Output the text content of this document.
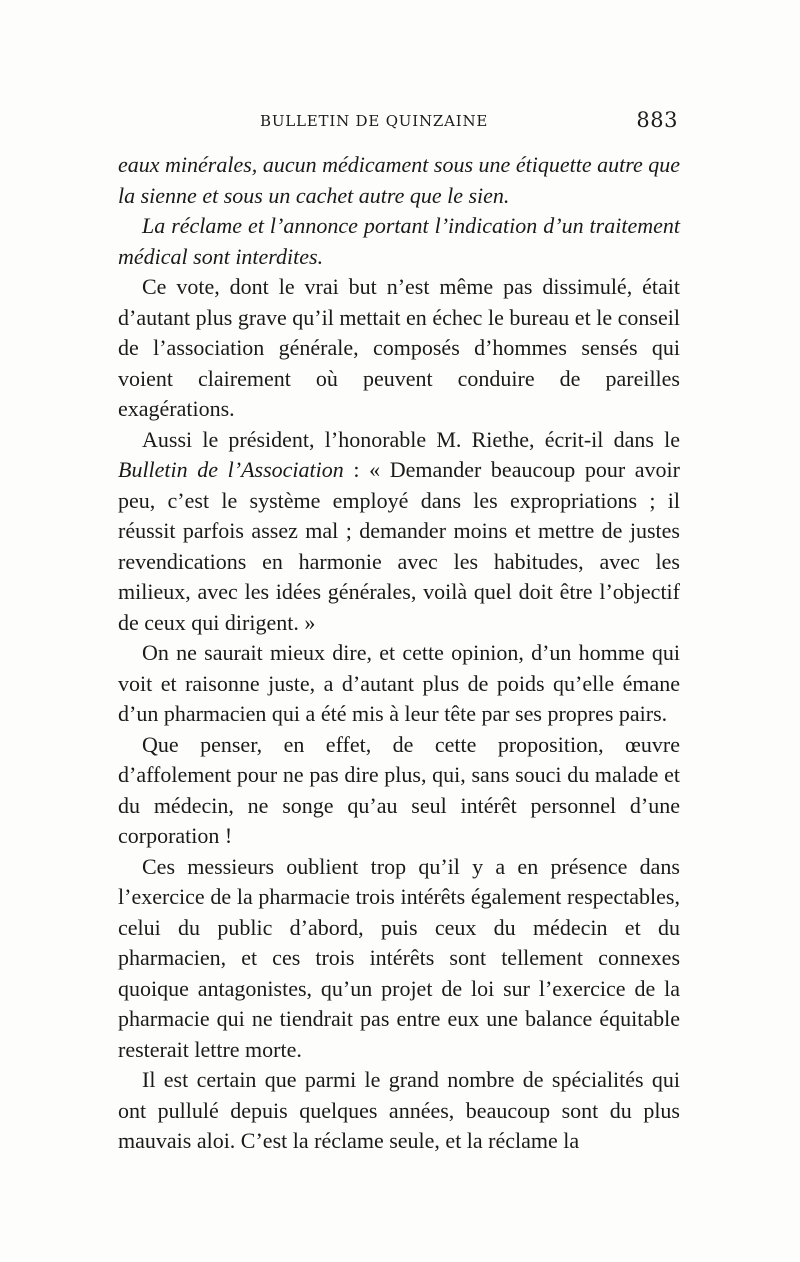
BULLETIN DE QUINZAINE	883

eaux minérales, aucun médicament sous une étiquette autre que la sienne et sous un cachet autre que le sien.

La réclame et l’annonce portant l’indication d’un traitement médical sont interdites.

Ce vote, dont le vrai but n’est même pas dissimulé, était d’autant plus grave qu’il mettait en échec le bureau et le conseil de l’association générale, composés d’hommes sensés qui voient clairement où peuvent conduire de pareilles exagérations.

Aussi le président, l’honorable M. Riethe, écrit-il dans le Bulletin de l’Association : « Demander beaucoup pour avoir peu, c’est le système employé dans les expropriations ; il réussit parfois assez mal ; demander moins et mettre de justes revendications en harmonie avec les habitudes, avec les milieux, avec les idées générales, voilà quel doit être l’objectif de ceux qui dirigent. »

On ne saurait mieux dire, et cette opinion, d’un homme qui voit et raisonne juste, a d’autant plus de poids qu’elle émane d’un pharmacien qui a été mis à leur tête par ses propres pairs.

Que penser, en effet, de cette proposition, œuvre d’affolement pour ne pas dire plus, qui, sans souci du malade et du médecin, ne songe qu’au seul intérêt personnel d’une corporation !

Ces messieurs oublient trop qu’il y a en présence dans l’exercice de la pharmacie trois intérêts également respectables, celui du public d’abord, puis ceux du médecin et du pharmacien, et ces trois intérêts sont tellement connexes quoique antagonistes, qu’un projet de loi sur l’exercice de la pharmacie qui ne tiendrait pas entre eux une balance équitable resterait lettre morte.

Il est certain que parmi le grand nombre de spécialités qui ont pullulé depuis quelques années, beaucoup sont du plus mauvais aloi. C’est la réclame seule, et la réclame la
